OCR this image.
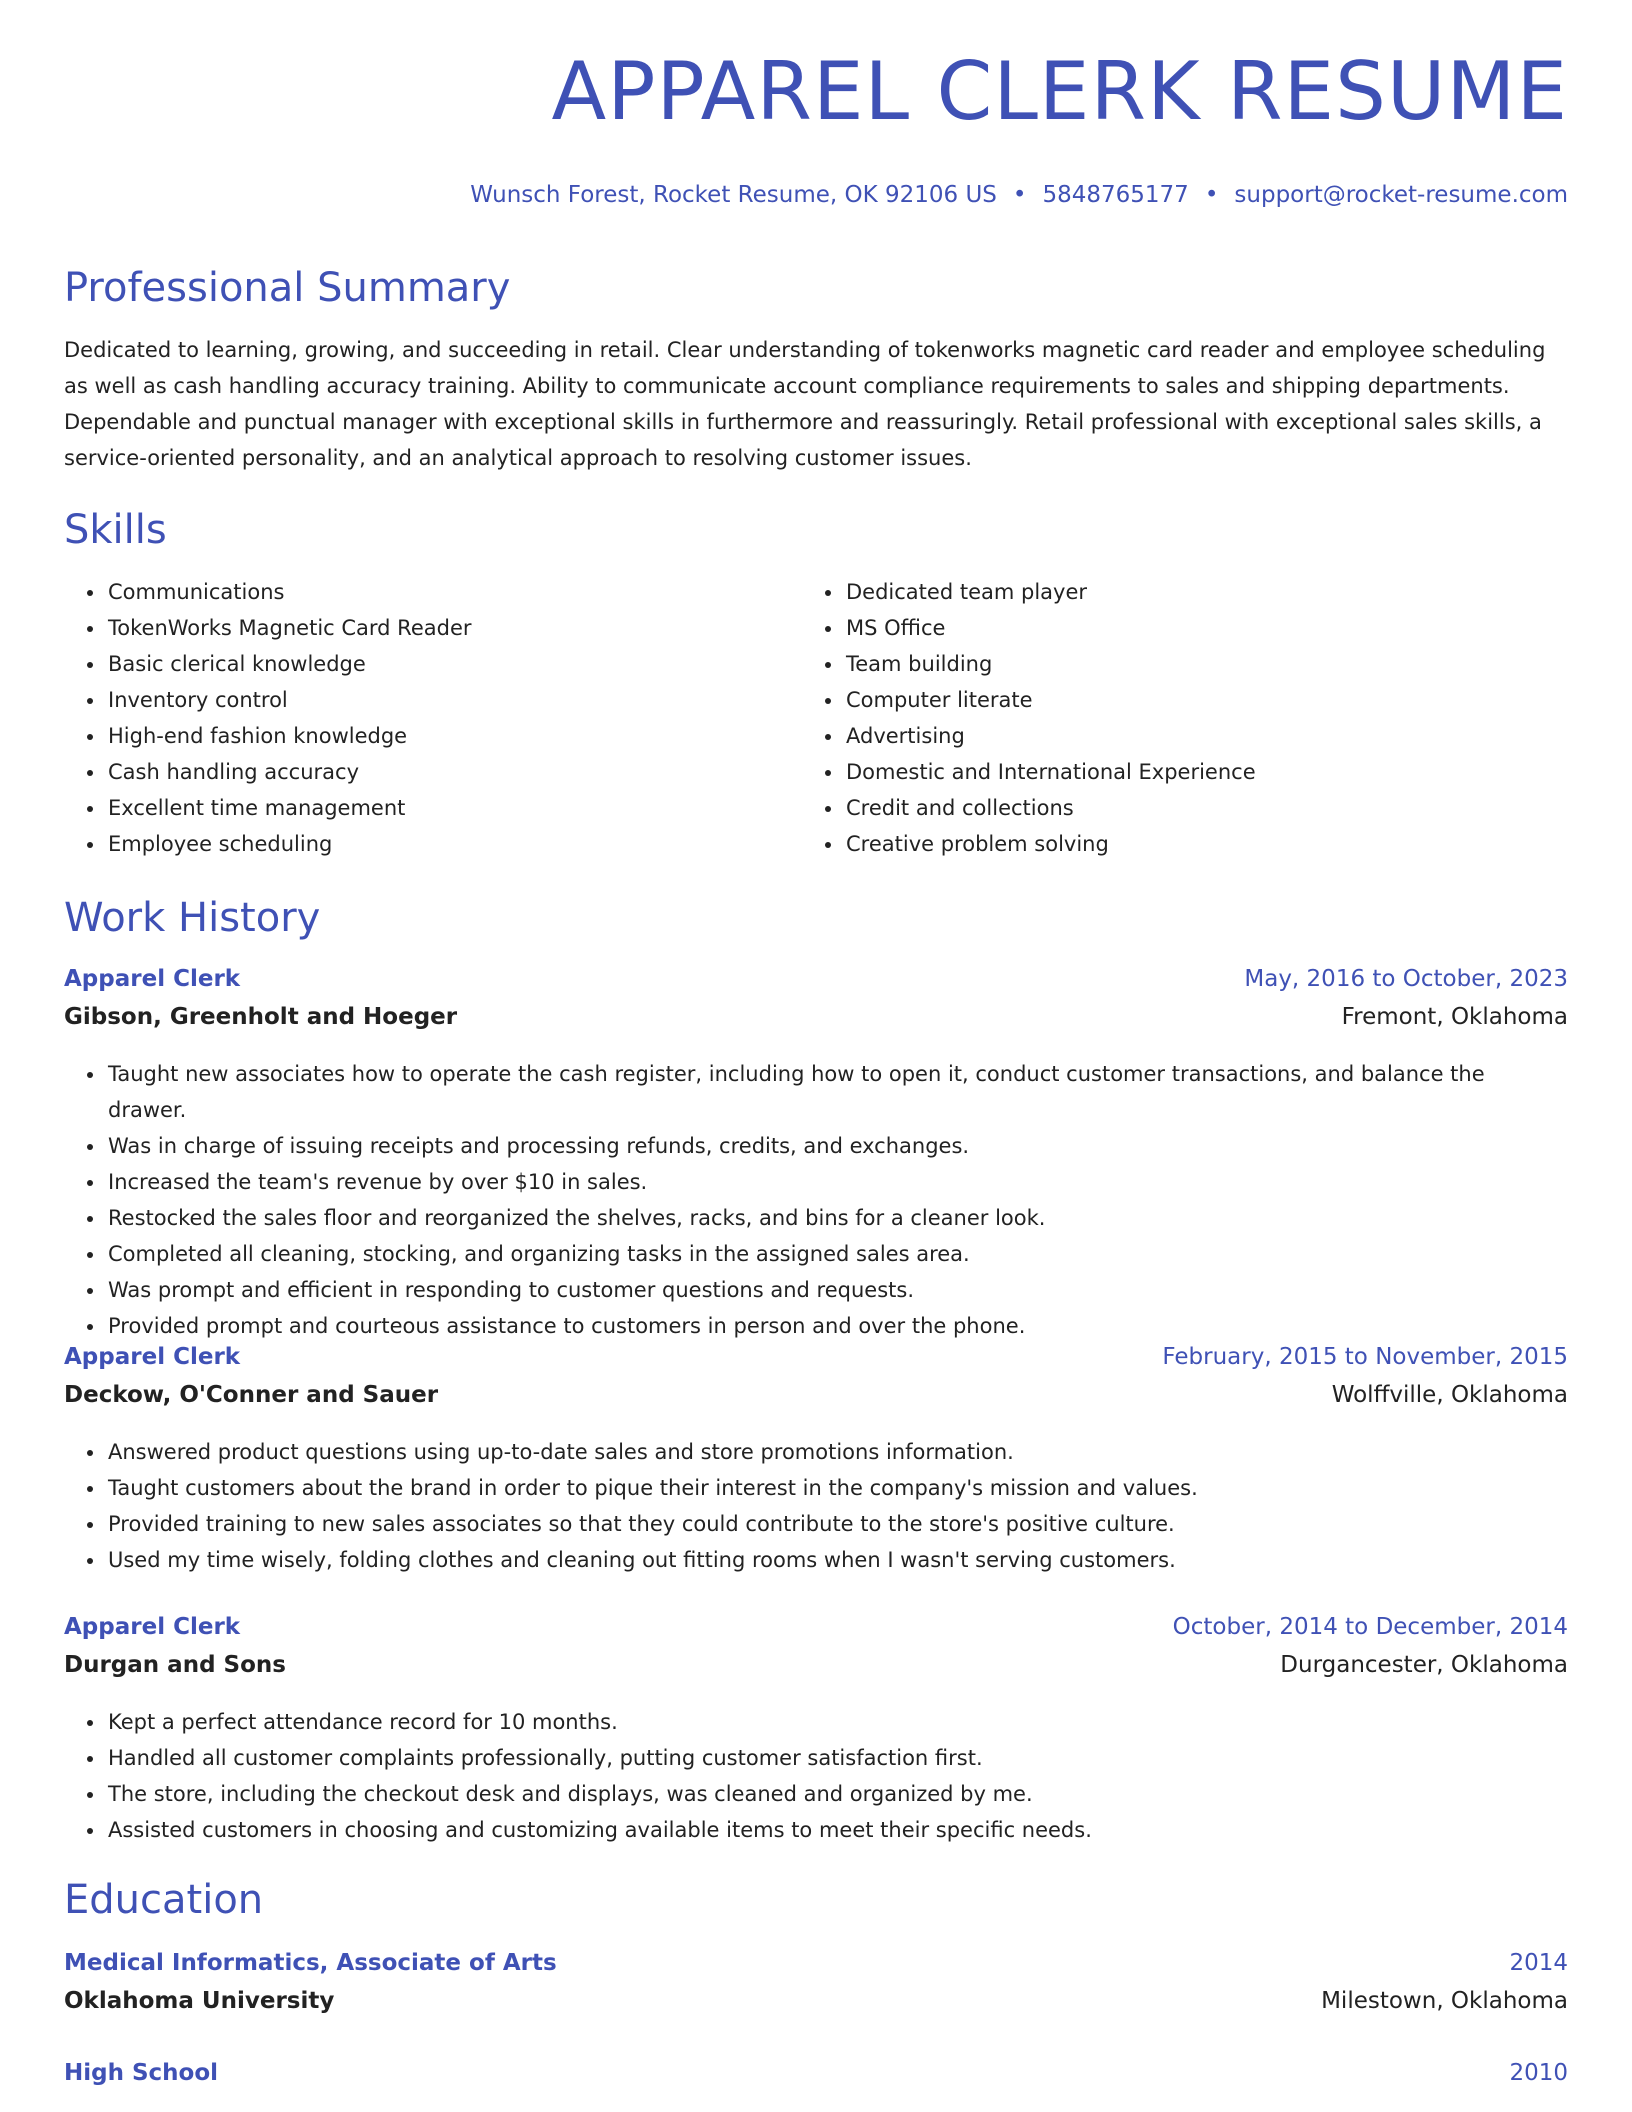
APPAREL CLERK RESUME
Wunsch Forest, Rocket Resume, OK 92106 US • 5848765177 • support@rocket-resume.com
Professional Summary
Dedicated to learning, growing, and succeeding in retail. Clear understanding of tokenworks magnetic card reader and employee scheduling as well as cash handling accuracy training. Ability to communicate account compliance requirements to sales and shipping departments. Dependable and punctual manager with exceptional skills in furthermore and reassuringly. Retail professional with exceptional sales skills, a service-oriented personality, and an analytical approach to resolving customer issues.
Skills
• Communications
• TokenWorks Magnetic Card Reader
• Basic clerical knowledge
• Inventory control
• High-end fashion knowledge
• Cash handling accuracy
• Excellent time management
• Employee scheduling
• Dedicated team player
• MS Office
• Team building
• Computer literate
• Advertising
• Domestic and International Experience
• Credit and collections
• Creative problem solving
Work History
Apparel Clerk	May, 2016 to October, 2023
Gibson, Greenholt and Hoeger	Fremont, Oklahoma
• Taught new associates how to operate the cash register, including how to open it, conduct customer transactions, and balance the drawer.
• Was in charge of issuing receipts and processing refunds, credits, and exchanges.
• Increased the team's revenue by over $10 in sales.
• Restocked the sales floor and reorganized the shelves, racks, and bins for a cleaner look.
• Completed all cleaning, stocking, and organizing tasks in the assigned sales area.
• Was prompt and efficient in responding to customer questions and requests.
• Provided prompt and courteous assistance to customers in person and over the phone.
Apparel Clerk	February, 2015 to November, 2015
Deckow, O'Conner and Sauer	Wolffville, Oklahoma
• Answered product questions using up-to-date sales and store promotions information.
• Taught customers about the brand in order to pique their interest in the company's mission and values.
• Provided training to new sales associates so that they could contribute to the store's positive culture.
• Used my time wisely, folding clothes and cleaning out fitting rooms when I wasn't serving customers.
Apparel Clerk	October, 2014 to December, 2014
Durgan and Sons	Durgancester, Oklahoma
• Kept a perfect attendance record for 10 months.
• Handled all customer complaints professionally, putting customer satisfaction first.
• The store, including the checkout desk and displays, was cleaned and organized by me.
• Assisted customers in choosing and customizing available items to meet their specific needs.
Education
Medical Informatics, Associate of Arts	2014
Oklahoma University	Milestown, Oklahoma
High School	2010
